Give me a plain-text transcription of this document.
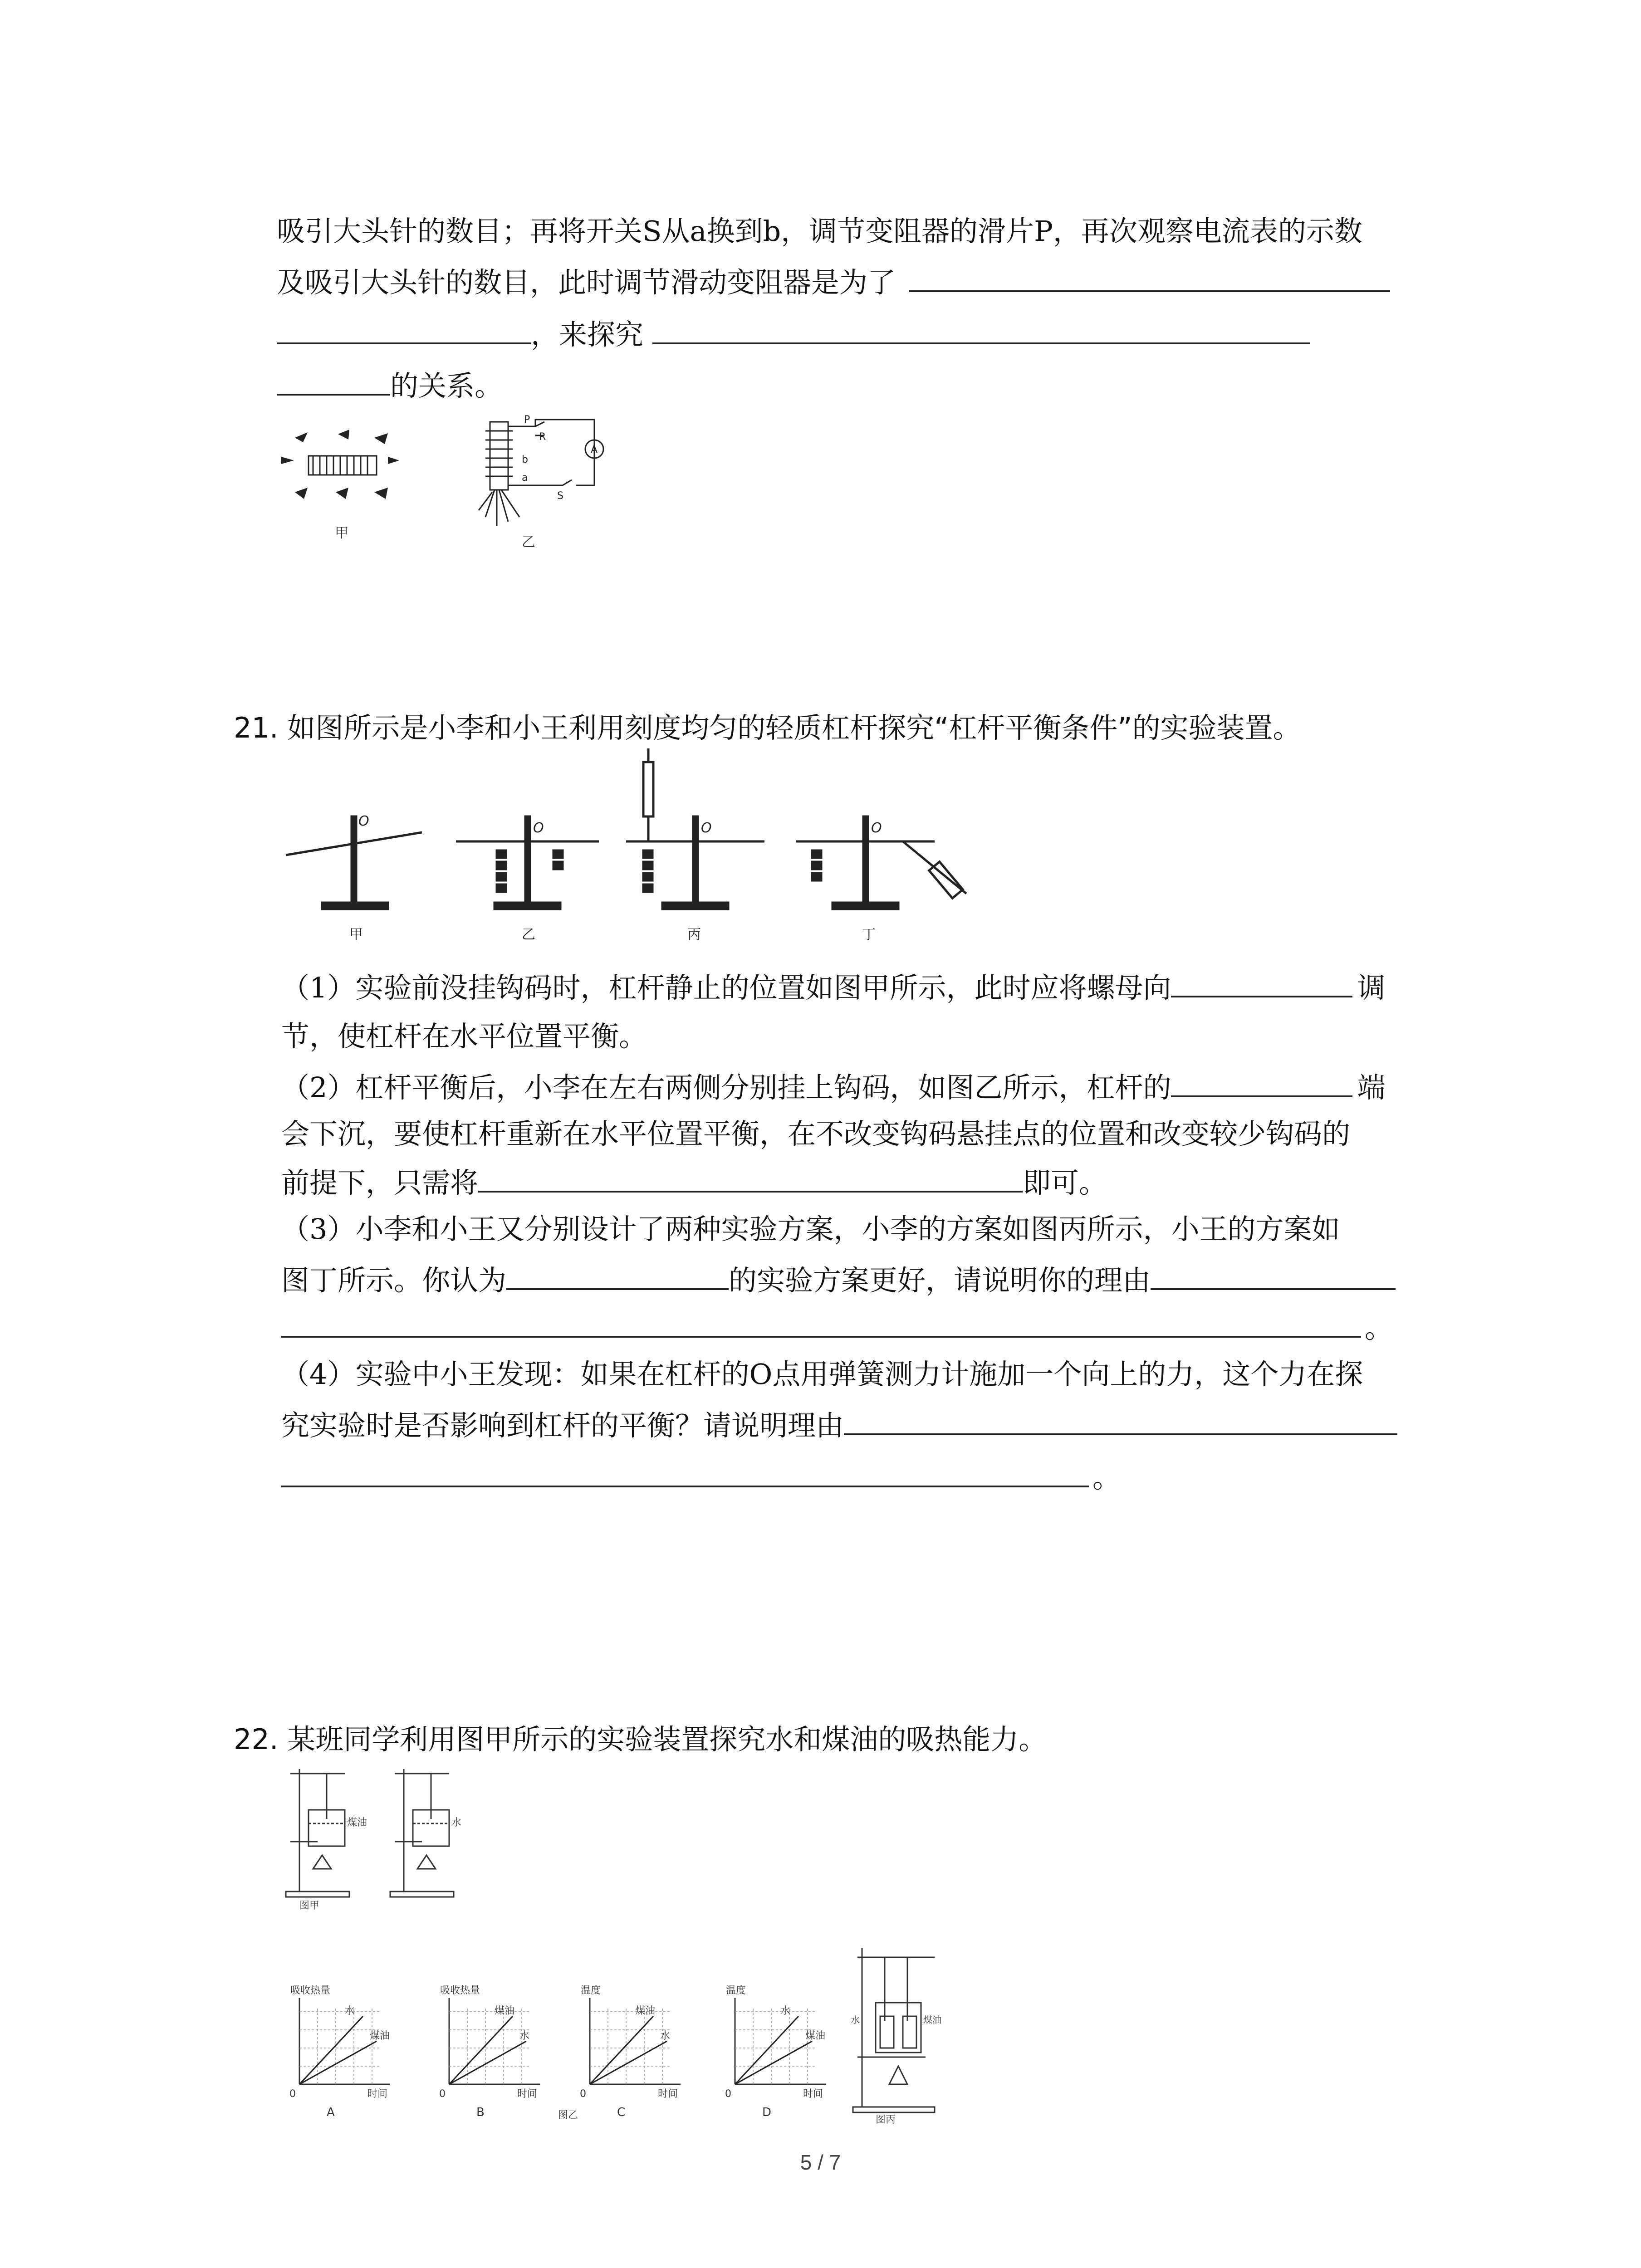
吸引大头针的数目；再将开关S从a换到b，调节变阻器的滑片P，再次观察电流表的示数
及吸引大头针的数目，此时调节滑动变阻器是为了
，来探究
的关系。
甲
P
R
A
b
a
S
乙
21. 如图所示是小李和小王利用刻度均匀的轻质杠杆探究“杠杆平衡条件”的实验装置。
O	O	O	O
甲	乙	丙	丁
（1）实验前没挂钩码时，杠杆静止的位置如图甲所示，此时应将螺母向	调
节，使杠杆在水平位置平衡。
（2）杠杆平衡后，小李在左右两侧分别挂上钩码，如图乙所示，杠杆的	端
会下沉，要使杠杆重新在水平位置平衡，在不改变钩码悬挂点的位置和改变较少钩码的
前提下，只需将	即可。
（3）小李和小王又分别设计了两种实验方案，小李的方案如图丙所示，小王的方案如
图丁所示。你认为	的实验方案更好，请说明你的理由
。
（4）实验中小王发现：如果在杠杆的O点用弹簧测力计施加一个向上的力，这个力在探
究实验时是否影响到杠杆的平衡？请说明理由
。
22. 某班同学利用图甲所示的实验装置探究水和煤油的吸热能力。
煤油	水
图甲
吸收热量
时间
0
水
煤油
A
吸收热量
时间
0
煤油
水
B
温度
时间
0
煤油
水
C
温度
时间
0
水
煤油
D
图乙
水	煤油
图丙
5 / 7
